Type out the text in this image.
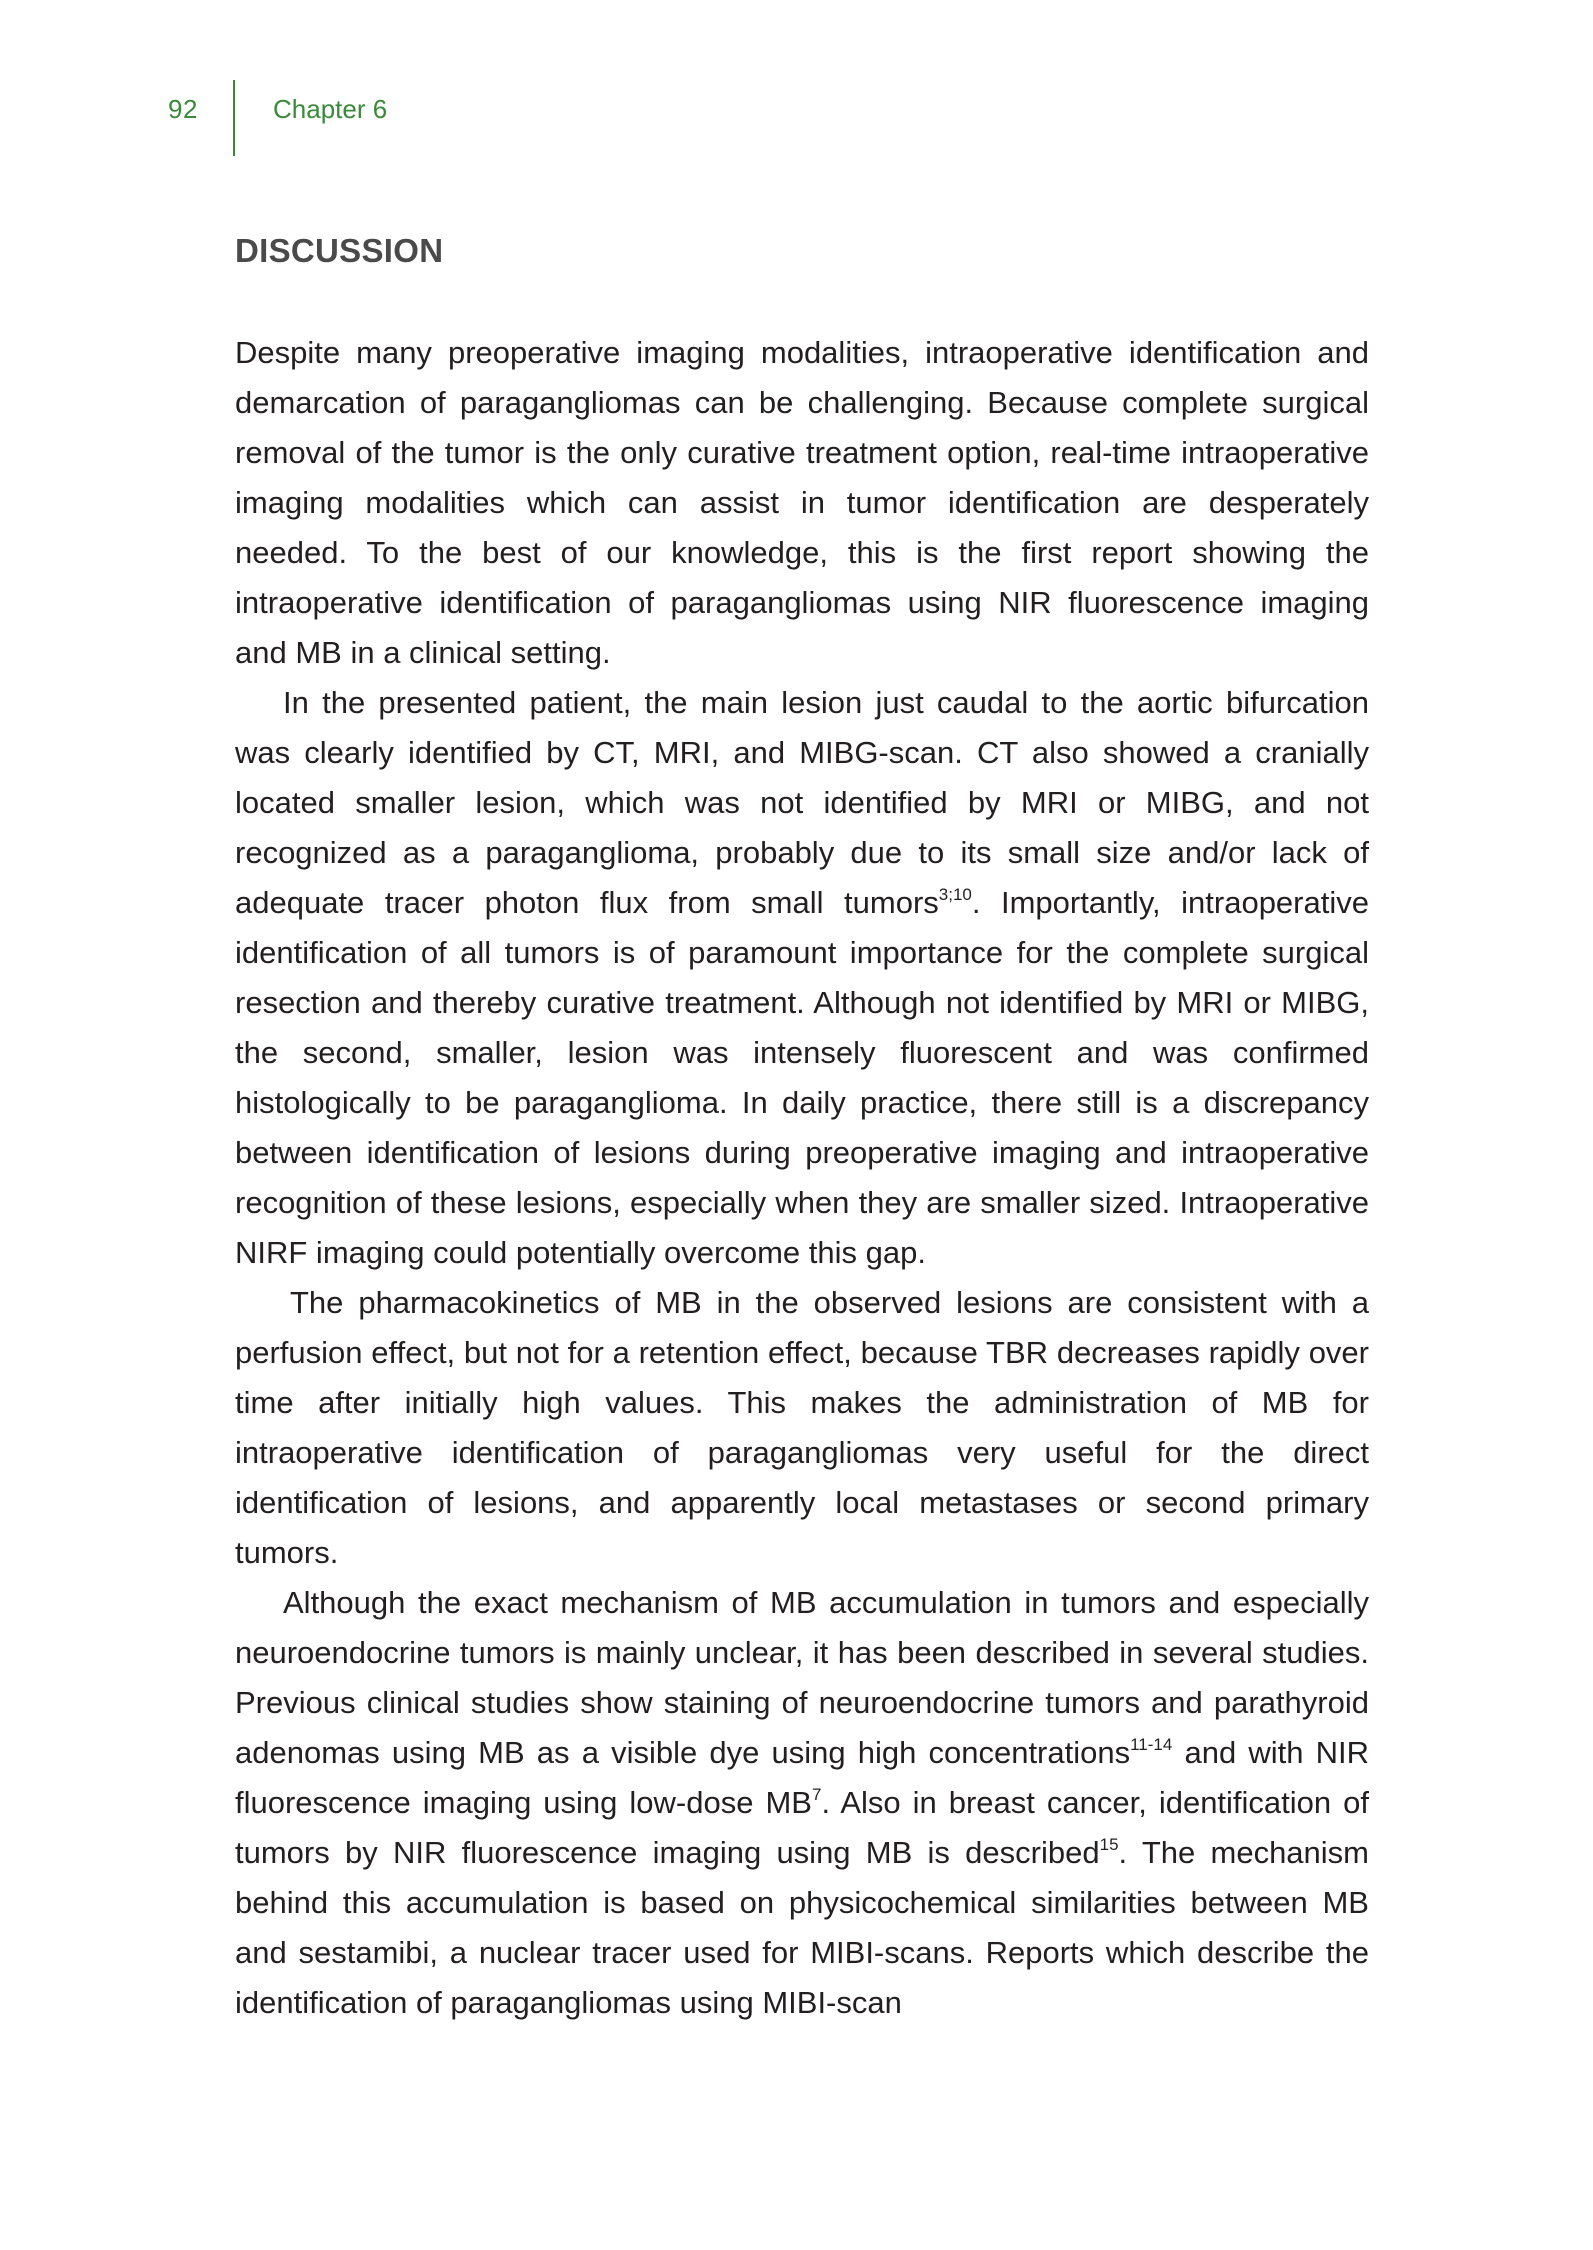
92	Chapter 6
DISCUSSION

Despite many preoperative imaging modalities, intraoperative identification and demarcation of paragangliomas can be challenging. Because complete surgical removal of the tumor is the only curative treatment option, real-time intraoperative imaging modalities which can assist in tumor identification are desperately needed. To the best of our knowledge, this is the first report showing the intraoperative identification of paragangliomas using NIR fluorescence imaging and MB in a clinical setting.

In the presented patient, the main lesion just caudal to the aortic bifurcation was clearly identified by CT, MRI, and MIBG-scan. CT also showed a cranially located smaller lesion, which was not identified by MRI or MIBG, and not recognized as a paraganglioma, probably due to its small size and/or lack of adequate tracer photon flux from small tumors$^{3;10}$. Importantly, intraoperative identification of all tumors is of paramount importance for the complete surgical resection and thereby curative treatment. Although not identified by MRI or MIBG, the second, smaller, lesion was intensely fluorescent and was confirmed histologically to be paraganglioma. In daily practice, there still is a discrepancy between identification of lesions during preoperative imaging and intraoperative recognition of these lesions, especially when they are smaller sized. Intraoperative NIRF imaging could potentially overcome this gap.

The pharmacokinetics of MB in the observed lesions are consistent with a perfusion effect, but not for a retention effect, because TBR decreases rapidly over time after initially high values. This makes the administration of MB for intraoperative identification of paragangliomas very useful for the direct identification of lesions, and apparently local metastases or second primary tumors.

Although the exact mechanism of MB accumulation in tumors and especially neuroendocrine tumors is mainly unclear, it has been described in several studies. Previous clinical studies show staining of neuroendocrine tumors and parathyroid adenomas using MB as a visible dye using high concentrations$^{11-14}$ and with NIR fluorescence imaging using low-dose $MB^7$. Also in breast cancer, identification of tumors by NIR fluorescence imaging using MB is described$^{15}$. The mechanism behind this accumulation is based on physicochemical similarities between MB and sestamibi, a nuclear tracer used for MIBI-scans. Reports which describe the identification of paragangliomas using MIBI-scan
